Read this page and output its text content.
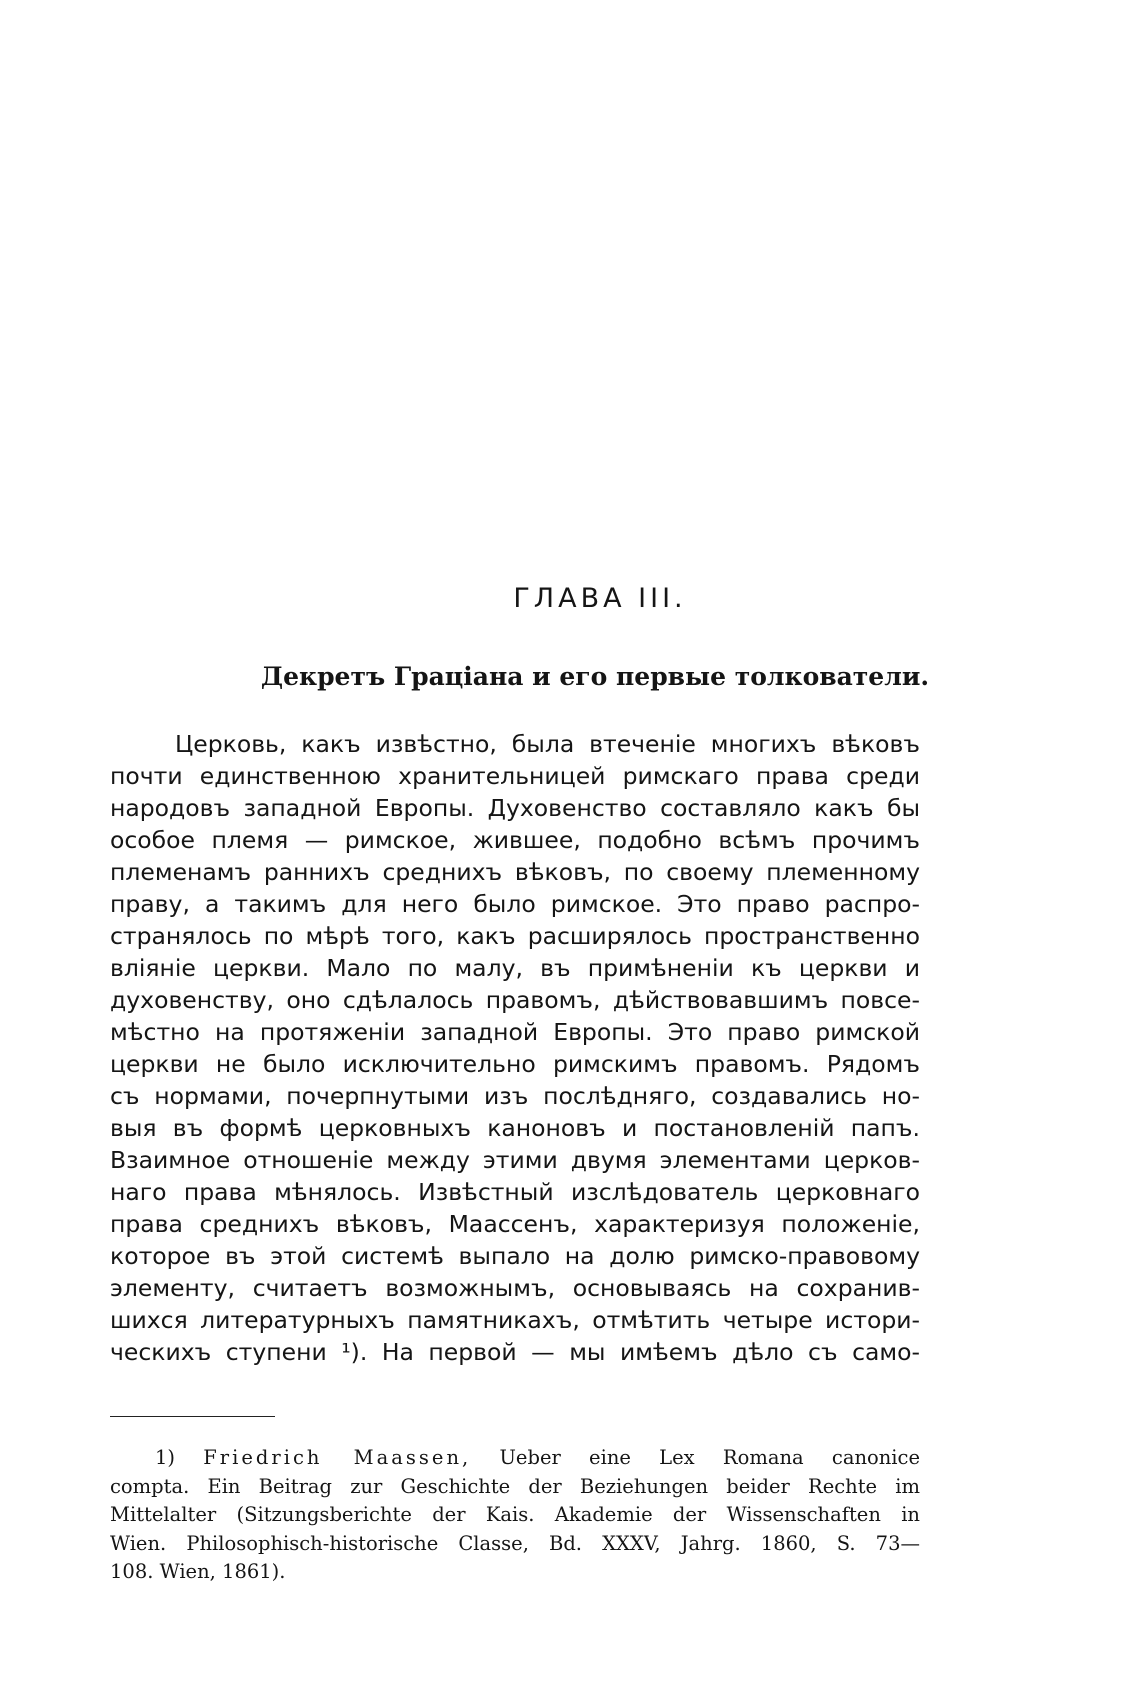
ГЛАВА III.
Декретъ Граціана и его первые толкователи.
Церковь, какъ извѣстно, была втеченіе многихъ вѣковъ
почти единственною хранительницей римскаго права среди
народовъ западной Европы. Духовенство составляло какъ бы
особое племя — римское, жившее, подобно всѣмъ прочимъ
племенамъ раннихъ среднихъ вѣковъ, по своему племенному
праву, а такимъ для него было римское. Это право распро-
странялось по мѣрѣ того, какъ расширялось пространственно
вліяніе церкви. Мало по малу, въ примѣненіи къ церкви и
духовенству, оно сдѣлалось правомъ, дѣйствовавшимъ повсе-
мѣстно на протяженіи западной Европы. Это право римской
церкви не было исключительно римскимъ правомъ. Рядомъ
съ нормами, почерпнутыми изъ послѣдняго, создавались но-
выя въ формѣ церковныхъ каноновъ и постановленій папъ.
Взаимное отношеніе между этими двумя элементами церков-
наго права мѣнялось. Извѣстный изслѣдователь церковнаго
права среднихъ вѣковъ, Маассенъ, характеризуя положеніе,
которое въ этой системѣ выпало на долю римско-правовому
элементу, считаетъ возможнымъ, основываясь на сохранив-
шихся литературныхъ памятникахъ, отмѣтить четыре истори-
ческихъ ступени ¹). На первой — мы имѣемъ дѣло съ само-
1) Friedrich Maassen, Ueber eine Lex Romana canonice
compta. Ein Beitrag zur Geschichte der Beziehungen beider Rechte im
Mittelalter (Sitzungsberichte der Kais. Akademie der Wissenschaften in
Wien. Philosophisch-historische Classe, Bd. XXXV, Jahrg. 1860, S. 73—
108. Wien, 1861).
